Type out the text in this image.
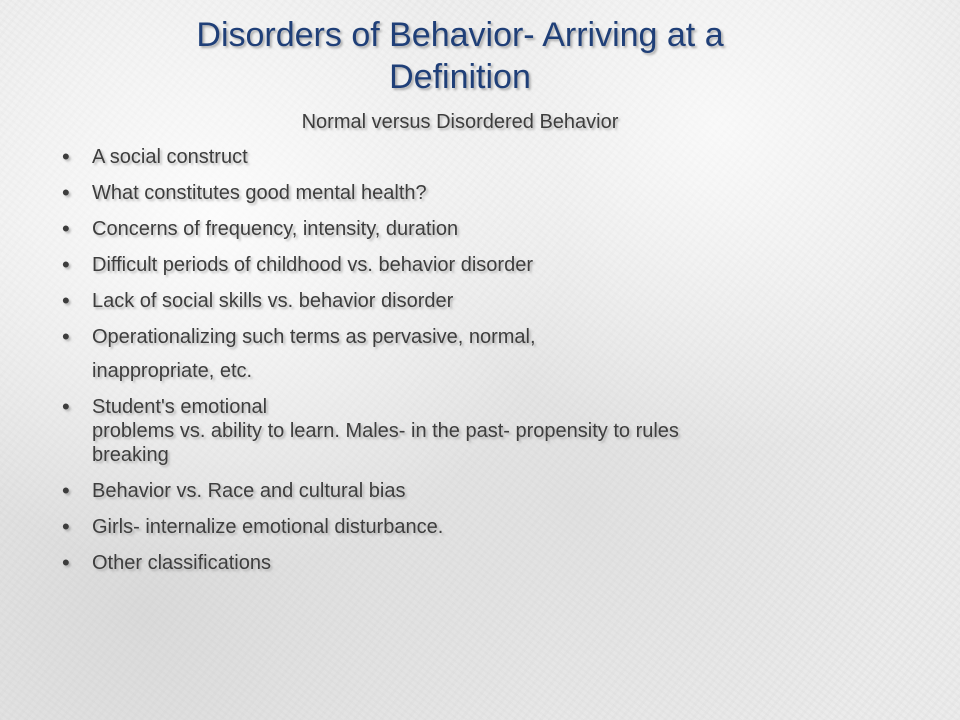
Disorders of Behavior- Arriving at a
Definition

Normal versus Disordered Behavior

• A social construct
• What constitutes good mental health?
• Concerns of frequency, intensity, duration
• Difficult periods of childhood vs. behavior disorder
• Lack of social skills vs. behavior disorder
• Operationalizing such terms as pervasive, normal,
inappropriate, etc.
• Student's emotional
problems vs. ability to learn. Males- in the past- propensity to rules
breaking
• Behavior vs. Race and cultural bias
• Girls- internalize emotional disturbance.
• Other classifications
